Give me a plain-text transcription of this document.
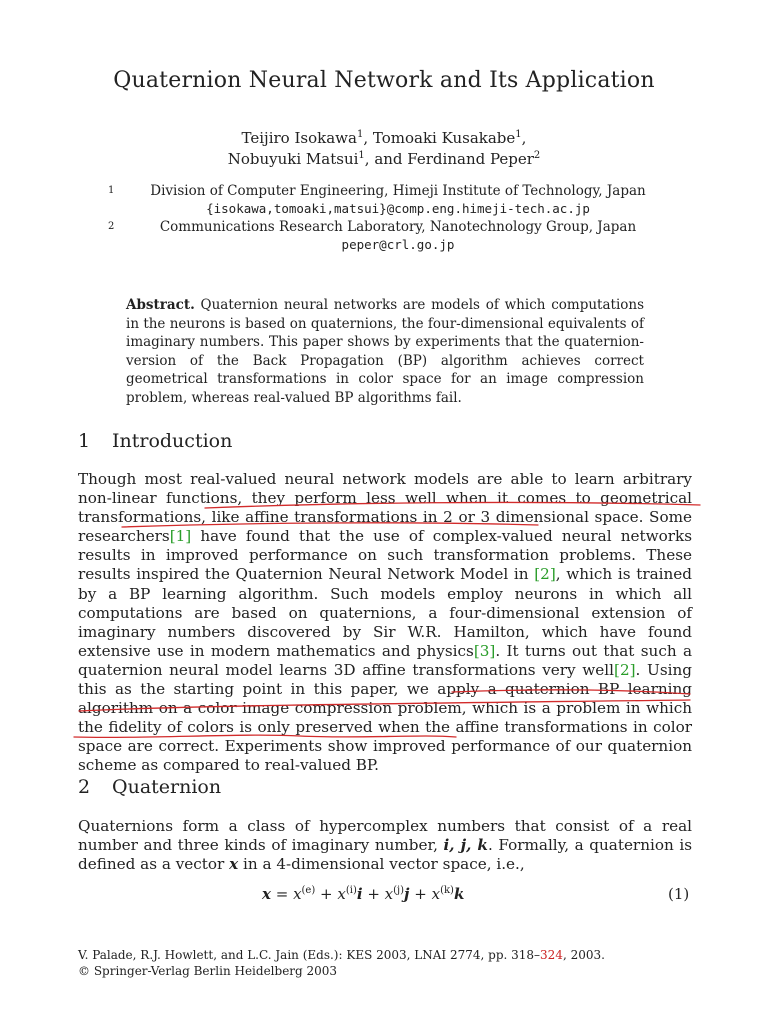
Quaternion Neural Network and Its Application
Teijiro Isokawa$^1$, Tomoaki Kusakabe$^1$,
Nobuyuki Matsui$^1$, and Ferdinand Peper$^2$
1	Division of Computer Engineering, Himeji Institute of Technology, Japan
{isokawa,tomoaki,matsui}@comp.eng.himeji-tech.ac.jp
2	Communications Research Laboratory, Nanotechnology Group, Japan
peper@crl.go.jp
Abstract. Quaternion neural networks are models of which computations in the neurons is based on quaternions, the four-dimensional equivalents of imaginary numbers. This paper shows by experiments that the quaternion-version of the Back Propagation (BP) algorithm achieves correct geometrical transformations in color space for an image compression problem, whereas real-valued BP algorithms fail.
1 Introduction
Though most real-valued neural network models are able to learn arbitrary non-linear functions, they perform less well when it comes to geometrical transformations, like affine transformations in 2 or 3 dimensional space. Some researchers[1] have found that the use of complex-valued neural networks results in improved performance on such transformation problems. These results inspired the Quaternion Neural Network Model in [2], which is trained by a BP learning algorithm. Such models employ neurons in which all computations are based on quaternions, a four-dimensional extension of imaginary numbers discovered by Sir W.R. Hamilton, which have found extensive use in modern mathematics and physics[3]. It turns out that such a quaternion neural model learns 3D affine transformations very well[2]. Using this as the starting point in this paper, we apply a quaternion BP learning algorithm on a color image compression problem, which is a problem in which the fidelity of colors is only preserved when the affine transformations in color space are correct. Experiments show improved performance of our quaternion scheme as compared to real-valued BP.
2 Quaternion
Quaternions form a class of hypercomplex numbers that consist of a real number and three kinds of imaginary number, i, j, k. Formally, a quaternion is defined as a vector x in a 4-dimensional vector space, i.e.,
$x = x^{(e)} + x^{(i)}i + x^{(j)}j + x^{(k)}k$	(1)
V. Palade, R.J. Howlett, and L.C. Jain (Eds.): KES 2003, LNAI 2774, pp. 318–324, 2003.
© Springer-Verlag Berlin Heidelberg 2003
